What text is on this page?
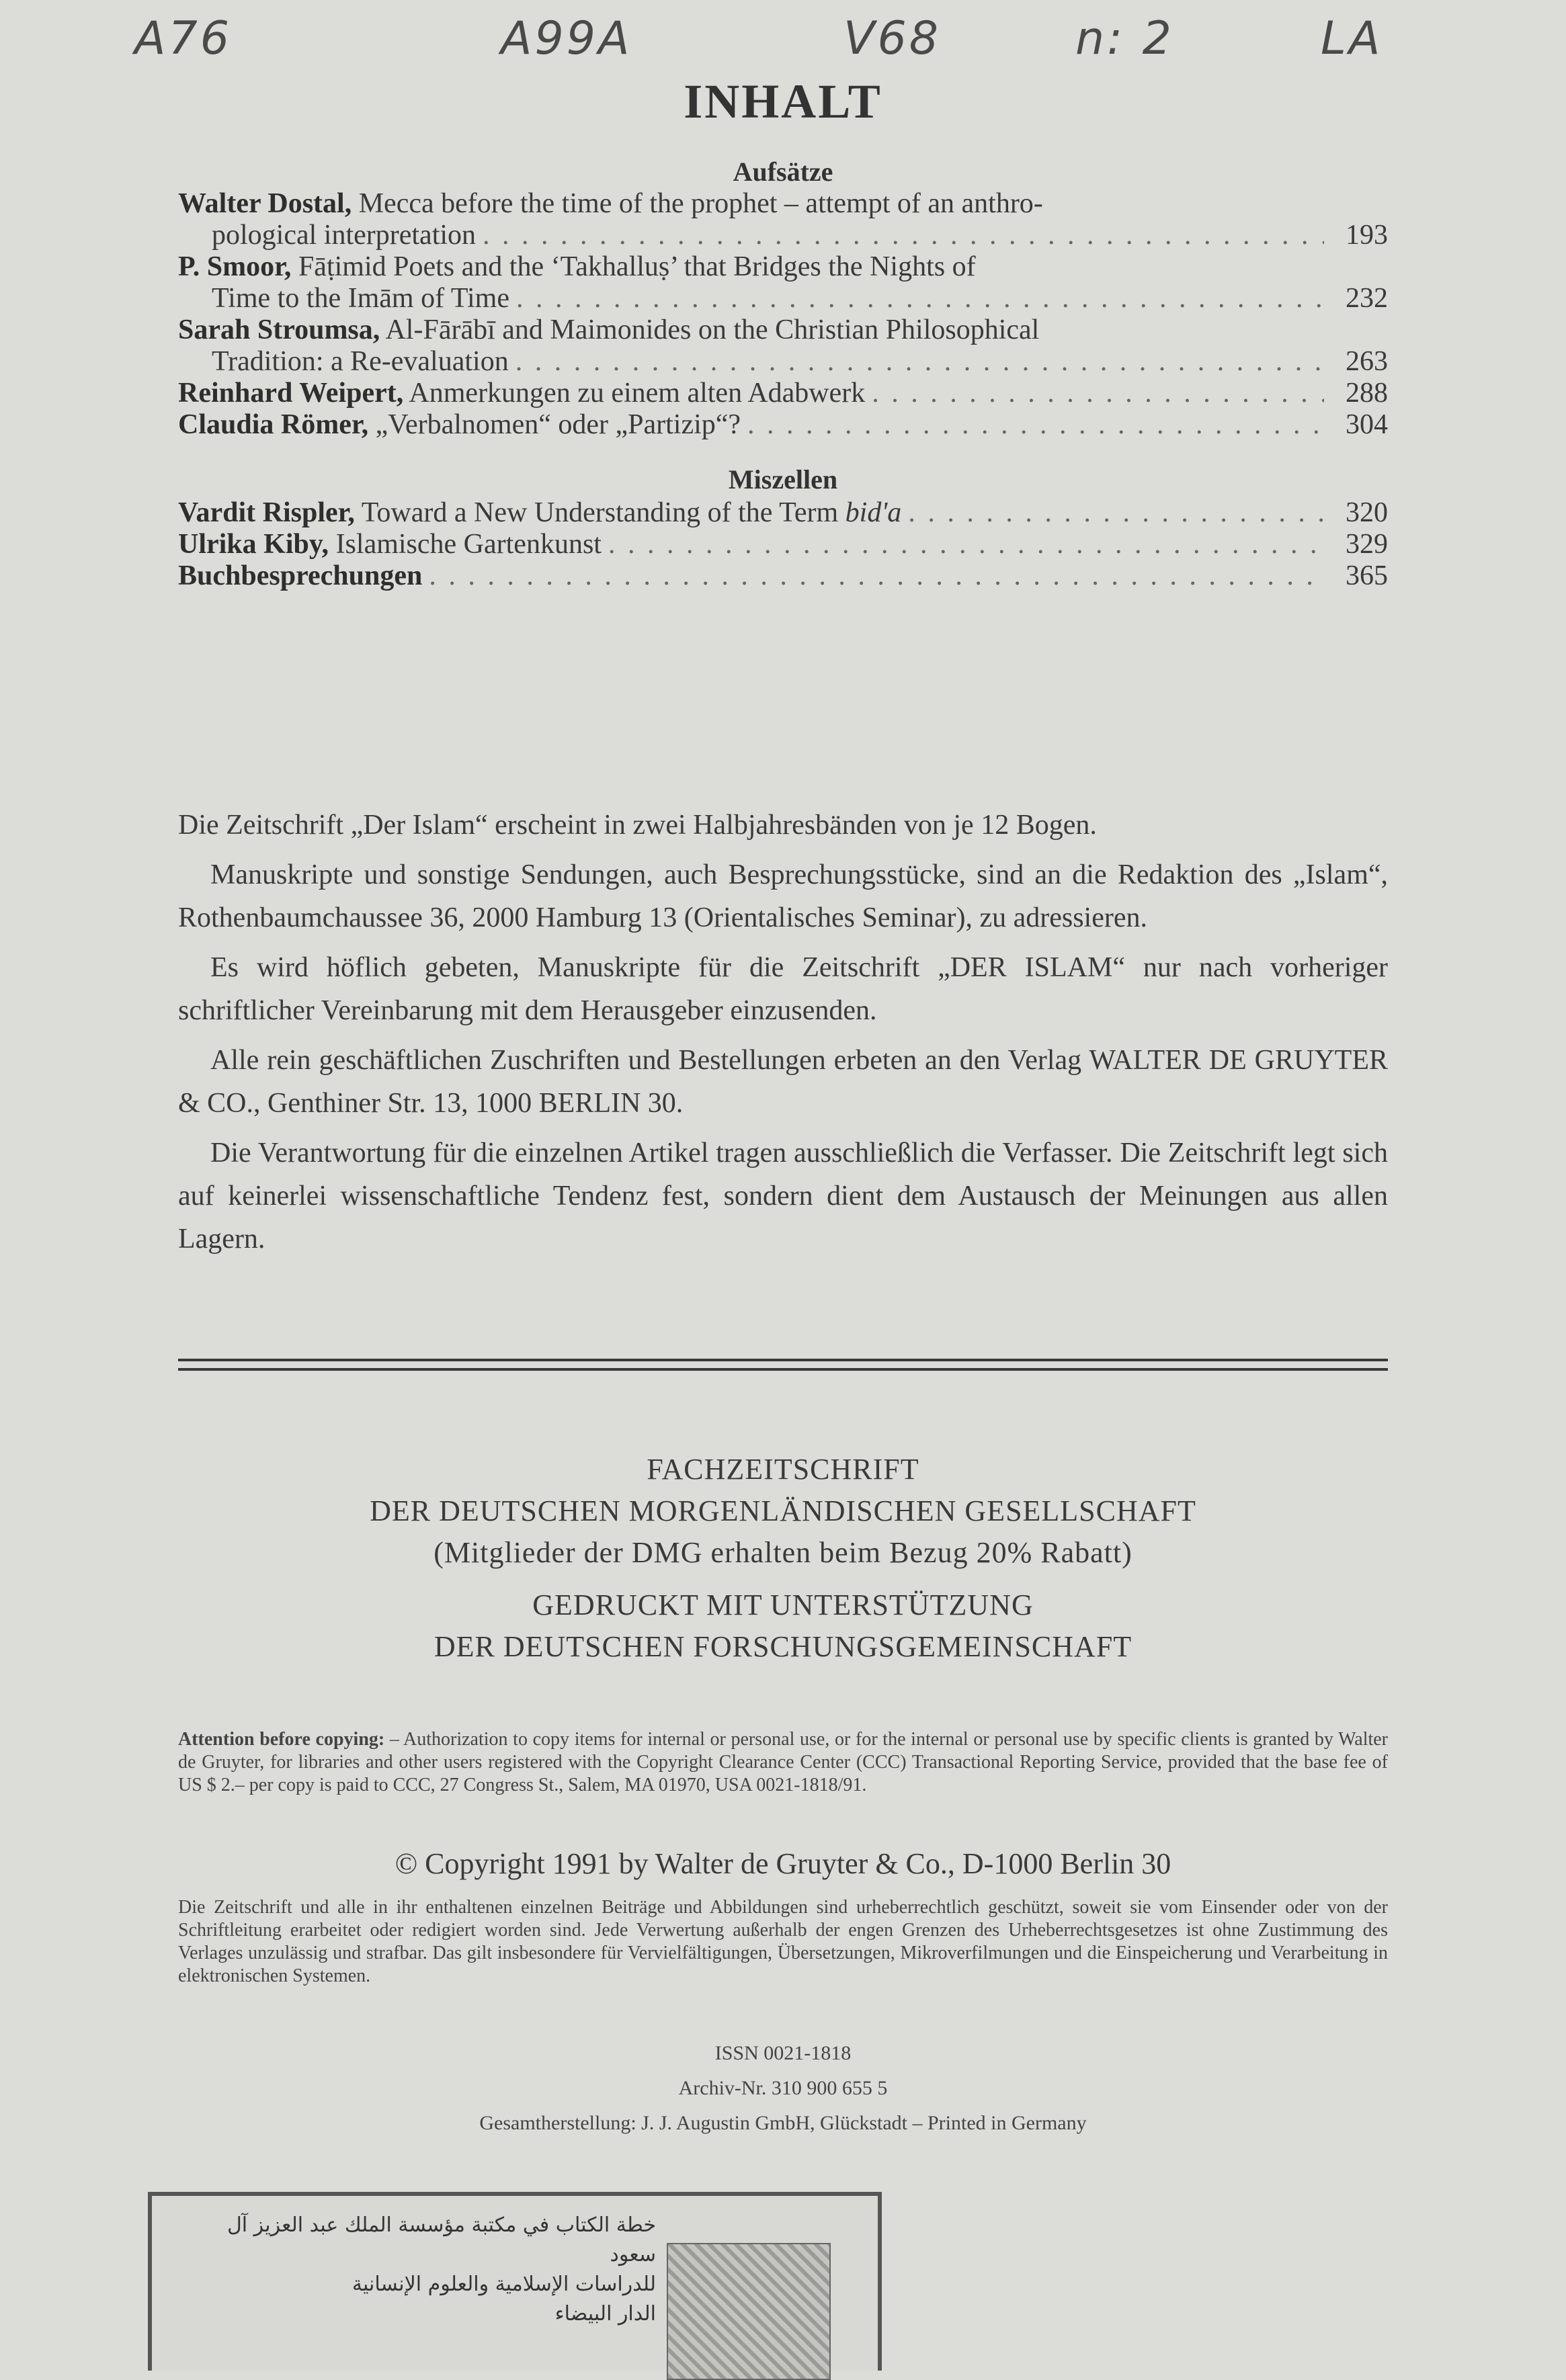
A76	A99A	V68	n: 2	LA
INHALT
Aufsätze
Walter Dostal, Mecca before the time of the prophet – attempt of an anthro-
pological interpretation . . .	193
P. Smoor, Fāṭimid Poets and the ‘Takhalluṣ’ that Bridges the Nights of
Time to the Imām of Time . . .	232
Sarah Stroumsa, Al-Fārābī and Maimonides on the Christian Philosophical
Tradition: a Re-evaluation . . .	263
Reinhard Weipert, Anmerkungen zu einem alten Adabwerk . . .	288
Claudia Römer, „Verbalnomen“ oder „Partizip“? . . .	304
Miszellen
Vardit Rispler, Toward a New Understanding of the Term bid'a . . .	320
Ulrika Kiby, Islamische Gartenkunst . . .	329
Buchbesprechungen . . .	365

Die Zeitschrift „Der Islam“ erscheint in zwei Halbjahresbänden von je 12 Bogen.

Manuskripte und sonstige Sendungen, auch Besprechungsstücke, sind an die Redaktion des „Islam“, Rothenbaumchaussee 36, 2000 Hamburg 13 (Orientalisches Seminar), zu adressieren.

Es wird höflich gebeten, Manuskripte für die Zeitschrift „DER ISLAM“ nur nach vorheriger schriftlicher Vereinbarung mit dem Herausgeber einzusenden.

Alle rein geschäftlichen Zuschriften und Bestellungen erbeten an den Verlag WALTER DE GRUYTER & CO., Genthiner Str. 13, 1000 BERLIN 30.

Die Verantwortung für die einzelnen Artikel tragen ausschließlich die Verfasser. Die Zeitschrift legt sich auf keinerlei wissenschaftliche Tendenz fest, sondern dient dem Austausch der Meinungen aus allen Lagern.

FACHZEITSCHRIFT
DER DEUTSCHEN MORGENLÄNDISCHEN GESELLSCHAFT
(Mitglieder der DMG erhalten beim Bezug 20% Rabatt)
GEDRUCKT MIT UNTERSTÜTZUNG
DER DEUTSCHEN FORSCHUNGSGEMEINSCHAFT
Attention before copying: – Authorization to copy items for internal or personal use, or for the internal or personal use by specific clients is granted by Walter de Gruyter, for libraries and other users registered with the Copyright Clearance Center (CCC) Transactional Reporting Service, provided that the base fee of US $ 2.– per copy is paid to CCC, 27 Congress St., Salem, MA 01970, USA 0021-1818/91.
© Copyright 1991 by Walter de Gruyter & Co., D-1000 Berlin 30
Die Zeitschrift und alle in ihr enthaltenen einzelnen Beiträge und Abbildungen sind urheberrechtlich geschützt, soweit sie vom Einsender oder von der Schriftleitung erarbeitet oder redigiert worden sind. Jede Verwertung außerhalb der engen Grenzen des Urheberrechtsgesetzes ist ohne Zustimmung des Verlages unzulässig und strafbar. Das gilt insbesondere für Vervielfältigungen, Übersetzungen, Mikroverfilmungen und die Einspeicherung und Verarbeitung in elektronischen Systemen.
ISSN 0021-1818
Archiv-Nr. 310 900 655 5
Gesamtherstellung: J. J. Augustin GmbH, Glückstadt – Printed in Germany
خطة الكتاب في مكتبة مؤسسة الملك عبد العزيز آل سعود
للدراسات الإسلامية والعلوم الإنسانية
الدار البيضاء
